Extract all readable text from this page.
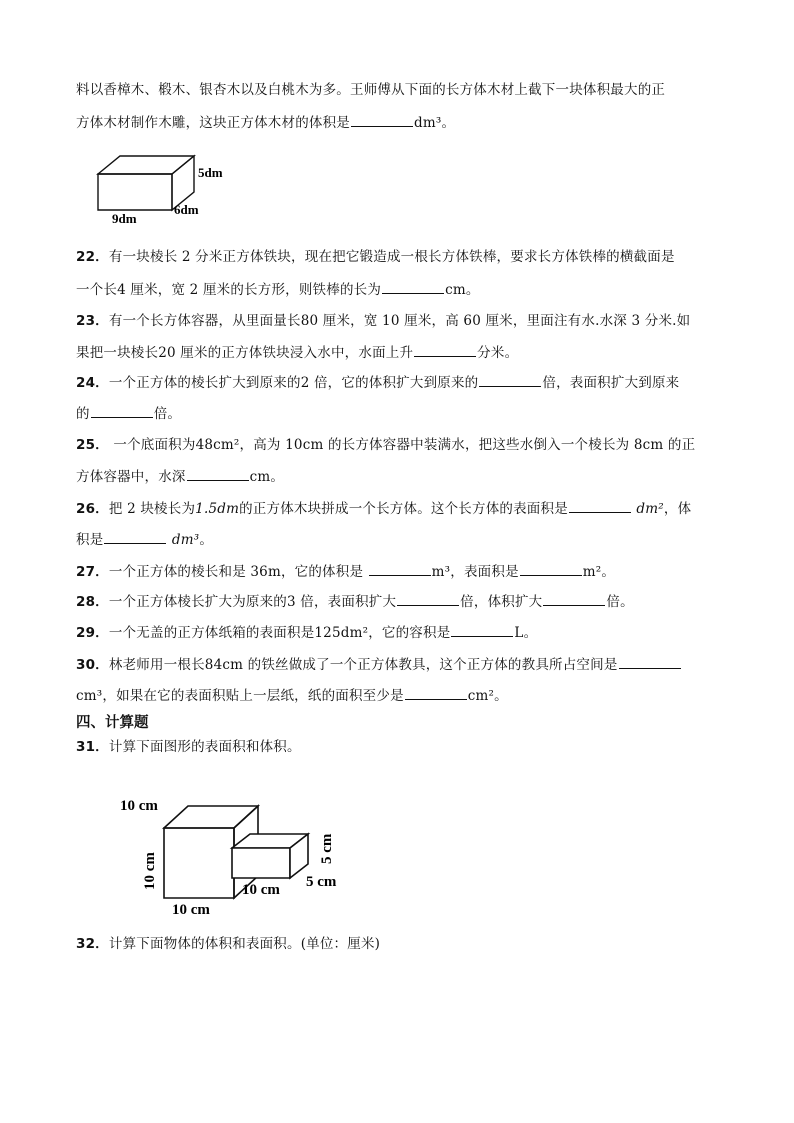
料以香樟木、椴木、银杏木以及白桃木为多。王师傅从下面的长方体木材上截下一块体积最大的正
方体木材制作木雕，这块正方体木材的体积是	dm³。
5dm
6dm
9dm
22．有一块棱长 2 分米正方体铁块，现在把它锻造成一根长方体铁棒，要求长方体铁棒的横截面是
一个长4 厘米，宽 2 厘米的长方形，则铁棒的长为	cm。
23．有一个长方体容器，从里面量长80 厘米，宽 10 厘米，高 60 厘米，里面注有水.水深 3 分米.如
果把一块棱长20 厘米的正方体铁块浸入水中，水面上升	分米。
24．一个正方体的棱长扩大到原来的2 倍，它的体积扩大到原来的	倍，表面积扩大到原来
的	倍。
25． 一个底面积为48cm²，高为 10cm 的长方体容器中装满水，把这些水倒入一个棱长为 8cm 的正
方体容器中，水深	cm。
26．把 2 块棱长为1.5dm的正方体木块拼成一个长方体。这个长方体的表面积是	dm²，体
积是	dm³。
27．一个正方体的棱长和是 36m，它的体积是	m³，表面积是	m²。
28．一个正方体棱长扩大为原来的3 倍，表面积扩大	倍，体积扩大	倍。
29．一个无盖的正方体纸箱的表面积是125dm²，它的容积是	L。
30．林老师用一根长84cm 的铁丝做成了一个正方体教具，这个正方体的教具所占空间是
cm³，如果在它的表面积贴上一层纸，纸的面积至少是	cm²。
四、计算题
31．计算下面图形的表面积和体积。
10 cm
10 cm
10 cm
10 cm
5 cm
5 cm
32．计算下面物体的体积和表面积。(单位：厘米)
